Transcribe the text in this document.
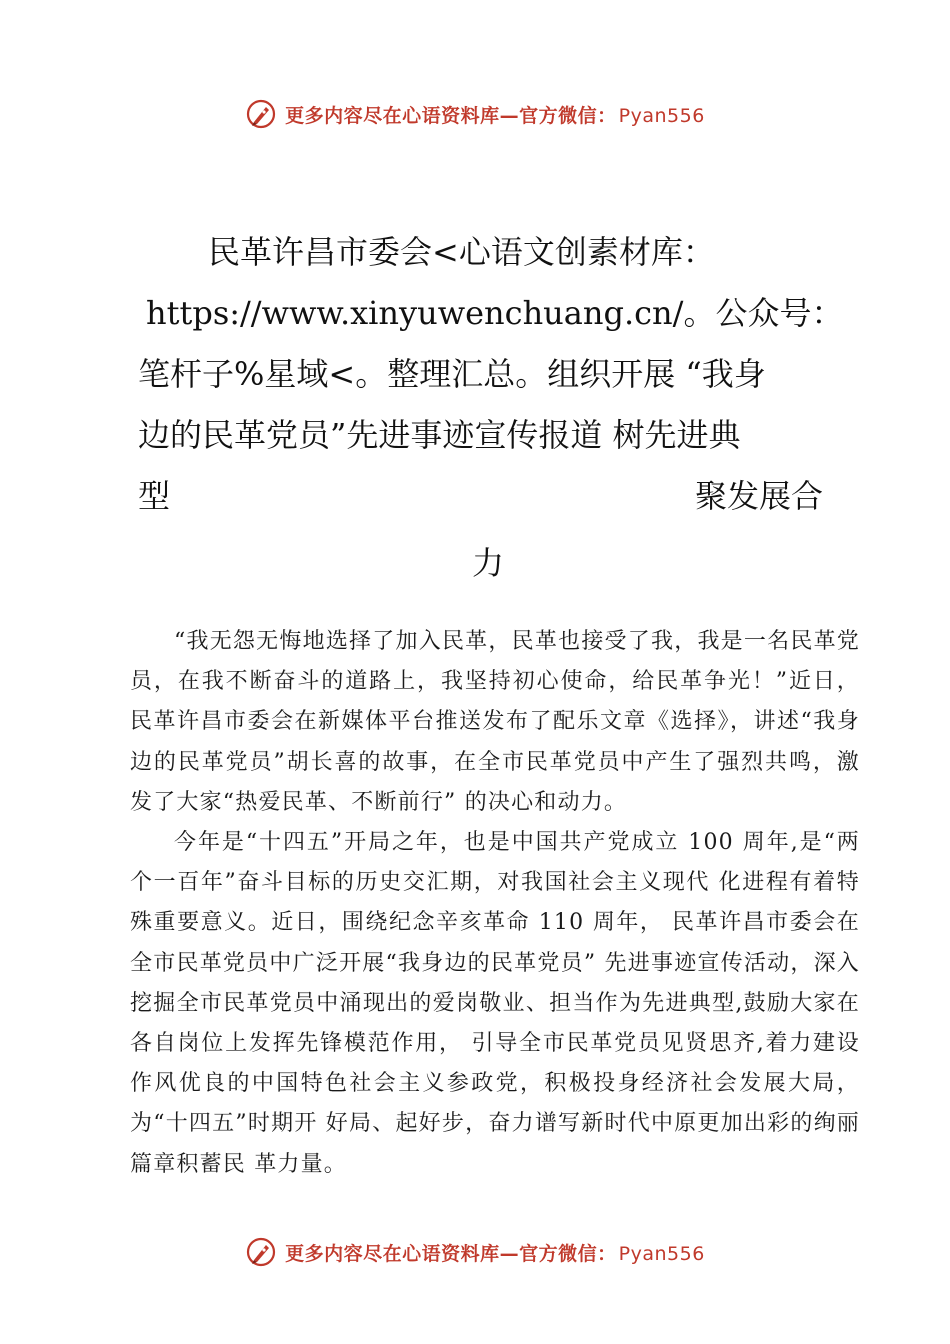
更多内容尽在心语资料库—官方微信： Pyan556
民革许昌市委会<心语文创素材库：
https://www.xinyuwenchuang.cn/。公众号：
笔杆子%星域<。整理汇总。组织开展 “我身
边的民革党员”先进事迹宣传报道 树先进典
型	聚发展合
力

“我无怨无悔地选择了加入民革，民革也接受了我，我是一名民革党员，在我不断奋斗的道路上，我坚持初心使命，给民革争光！”近日，民革许昌市委会在新媒体平台推送发布了配乐文章《选择》，讲述“我身边的民革党员”胡长喜的故事，在全市民革党员中产生了强烈共鸣，激发了大家“热爱民革、不断前行” 的决心和动力。

今年是“十四五”开局之年，也是中国共产党成立 100 周年,是“两个一百年”奋斗目标的历史交汇期，对我国社会主义现代 化进程有着特殊重要意义。近日，围绕纪念辛亥革命 110 周年， 民革许昌市委会在全市民革党员中广泛开展“我身边的民革党员” 先进事迹宣传活动，深入挖掘全市民革党员中涌现出的爱岗敬业、担当作为先进典型,鼓励大家在各自岗位上发挥先锋模范作用， 引导全市民革党员见贤思齐,着力建设作风优良的中国特色社会主义参政党，积极投身经济社会发展大局，为“十四五”时期开 好局、起好步，奋力谱写新时代中原更加出彩的绚丽篇章积蓄民 革力量。

更多内容尽在心语资料库—官方微信： Pyan556
